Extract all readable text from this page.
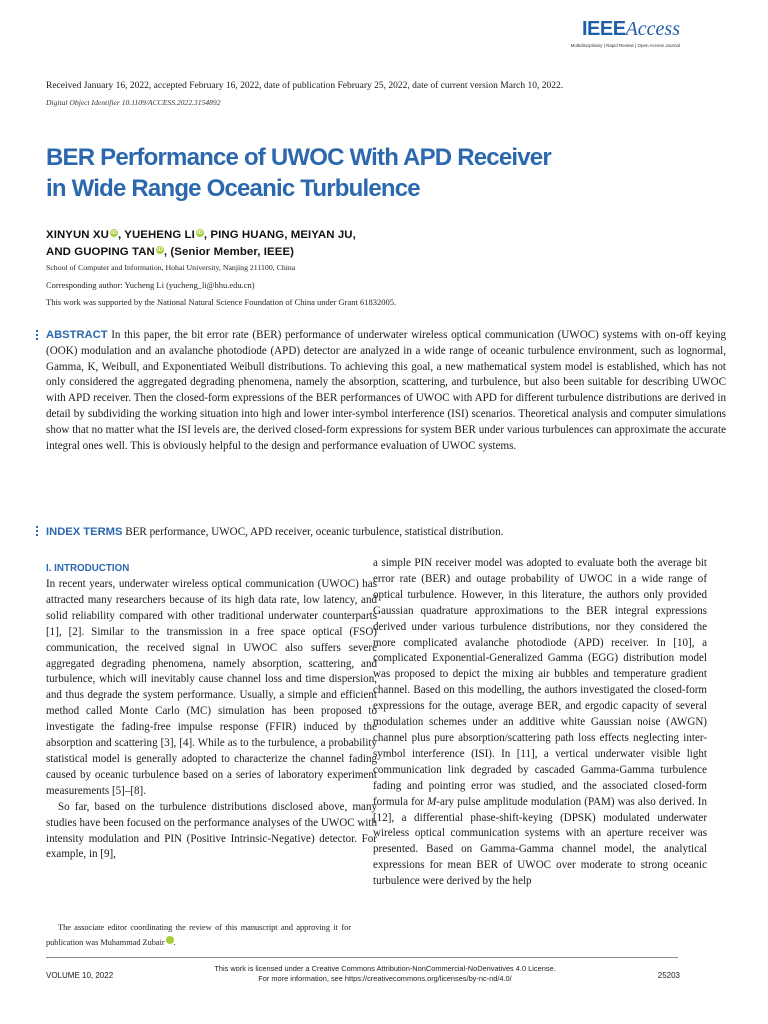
IEEEAccess
Multidisciplinary | Rapid Review | Open Access Journal
Received January 16, 2022, accepted February 16, 2022, date of publication February 25, 2022, date of current version March 10, 2022.
Digital Object Identifier 10.1109/ACCESS.2022.3154892
BER Performance of UWOC With APD Receiver
in Wide Range Oceanic Turbulence
XINYUN XU iD, YUEHENG LI iD, PING HUANG, MEIYAN JU,
AND GUOPING TAN iD, (Senior Member, IEEE)
School of Computer and Information, Hohai University, Nanjing 211100, China
Corresponding author: Yucheng Li (yucheng_li@hhu.edu.cn)
This work was supported by the National Natural Science Foundation of China under Grant 61832005.
ABSTRACT In this paper, the bit error rate (BER) performance of underwater wireless optical communication (UWOC) systems with on-off keying (OOK) modulation and an avalanche photodiode (APD) detector are analyzed in a wide range of oceanic turbulence environment, such as lognormal, Gamma, K, Weibull, and Exponentiated Weibull distributions. To achieving this goal, a new mathematical system model is established, which has not only considered the aggregated degrading phenomena, namely the absorption, scattering, and turbulence, but also been suitable for describing UWOC with APD receiver. Then the closed-form expressions of the BER performances of UWOC with APD for different turbulence distributions are derived in detail by subdividing the working situation into high and lower inter-symbol interference (ISI) scenarios. Theoretical analysis and computer simulations show that no matter what the ISI levels are, the derived closed-form expressions for system BER under various turbulences can approximate the accurate integral ones well. This is obviously helpful to the design and performance evaluation of UWOC systems.
INDEX TERMS BER performance, UWOC, APD receiver, oceanic turbulence, statistical distribution.
I. INTRODUCTION

In recent years, underwater wireless optical communication (UWOC) has attracted many researchers because of its high data rate, low latency, and solid reliability compared with other traditional underwater counterparts [1], [2]. Similar to the transmission in a free space optical (FSO) communication, the received signal in UWOC also suffers severe aggregated degrading phenomena, namely absorption, scattering, and turbulence, which will inevitably cause channel loss and time dispersion, and thus degrade the system performance. Usually, a simple and efficient method called Monte Carlo (MC) simulation has been proposed to investigate the fading-free impulse response (FFIR) induced by the absorption and scattering [3], [4]. While as to the turbulence, a probability statistical model is generally adopted to characterize the channel fading caused by oceanic turbulence based on a series of laboratory experiment measurements [5]–[8].

So far, based on the turbulence distributions disclosed above, many studies have been focused on the performance analyses of the UWOC with intensity modulation and PIN (Positive Intrinsic-Negative) detector. For example, in [9],

a simple PIN receiver model was adopted to evaluate both the average bit error rate (BER) and outage probability of UWOC in a wide range of optical turbulence. However, in this literature, the authors only provided Gaussian quadrature approximations to the BER integral expressions derived under various turbulence distributions, nor they considered the more complicated avalanche photodiode (APD) receiver. In [10], a complicated Exponential-Generalized Gamma (EGG) distribution model was proposed to depict the mixing air bubbles and temperature gradient channel. Based on this modelling, the authors investigated the closed-form expressions for the outage, average BER, and ergodic capacity of several modulation schemes under an additive white Gaussian noise (AWGN) channel plus pure absorption/scattering path loss effects neglecting inter-symbol interference (ISI). In [11], a vertical underwater visible light communication link degraded by cascaded Gamma-Gamma turbulence fading and pointing error was studied, and the associated closed-form formula for M-ary pulse amplitude modulation (PAM) was also derived. In [12], a differential phase-shift-keying (DPSK) modulated underwater wireless optical communication systems with an aperture receiver was presented. Based on Gamma-Gamma channel model, the analytical expressions for mean BER of UWOC over moderate to strong oceanic turbulence were derived by the help

The associate editor coordinating the review of this manuscript and approving it for publication was Muhammad Zubair iD.
VOLUME 10, 2022
This work is licensed under a Creative Commons Attribution-NonCommercial-NoDerivatives 4.0 License.
For more information, see https://creativecommons.org/licenses/by-nc-nd/4.0/	25203
